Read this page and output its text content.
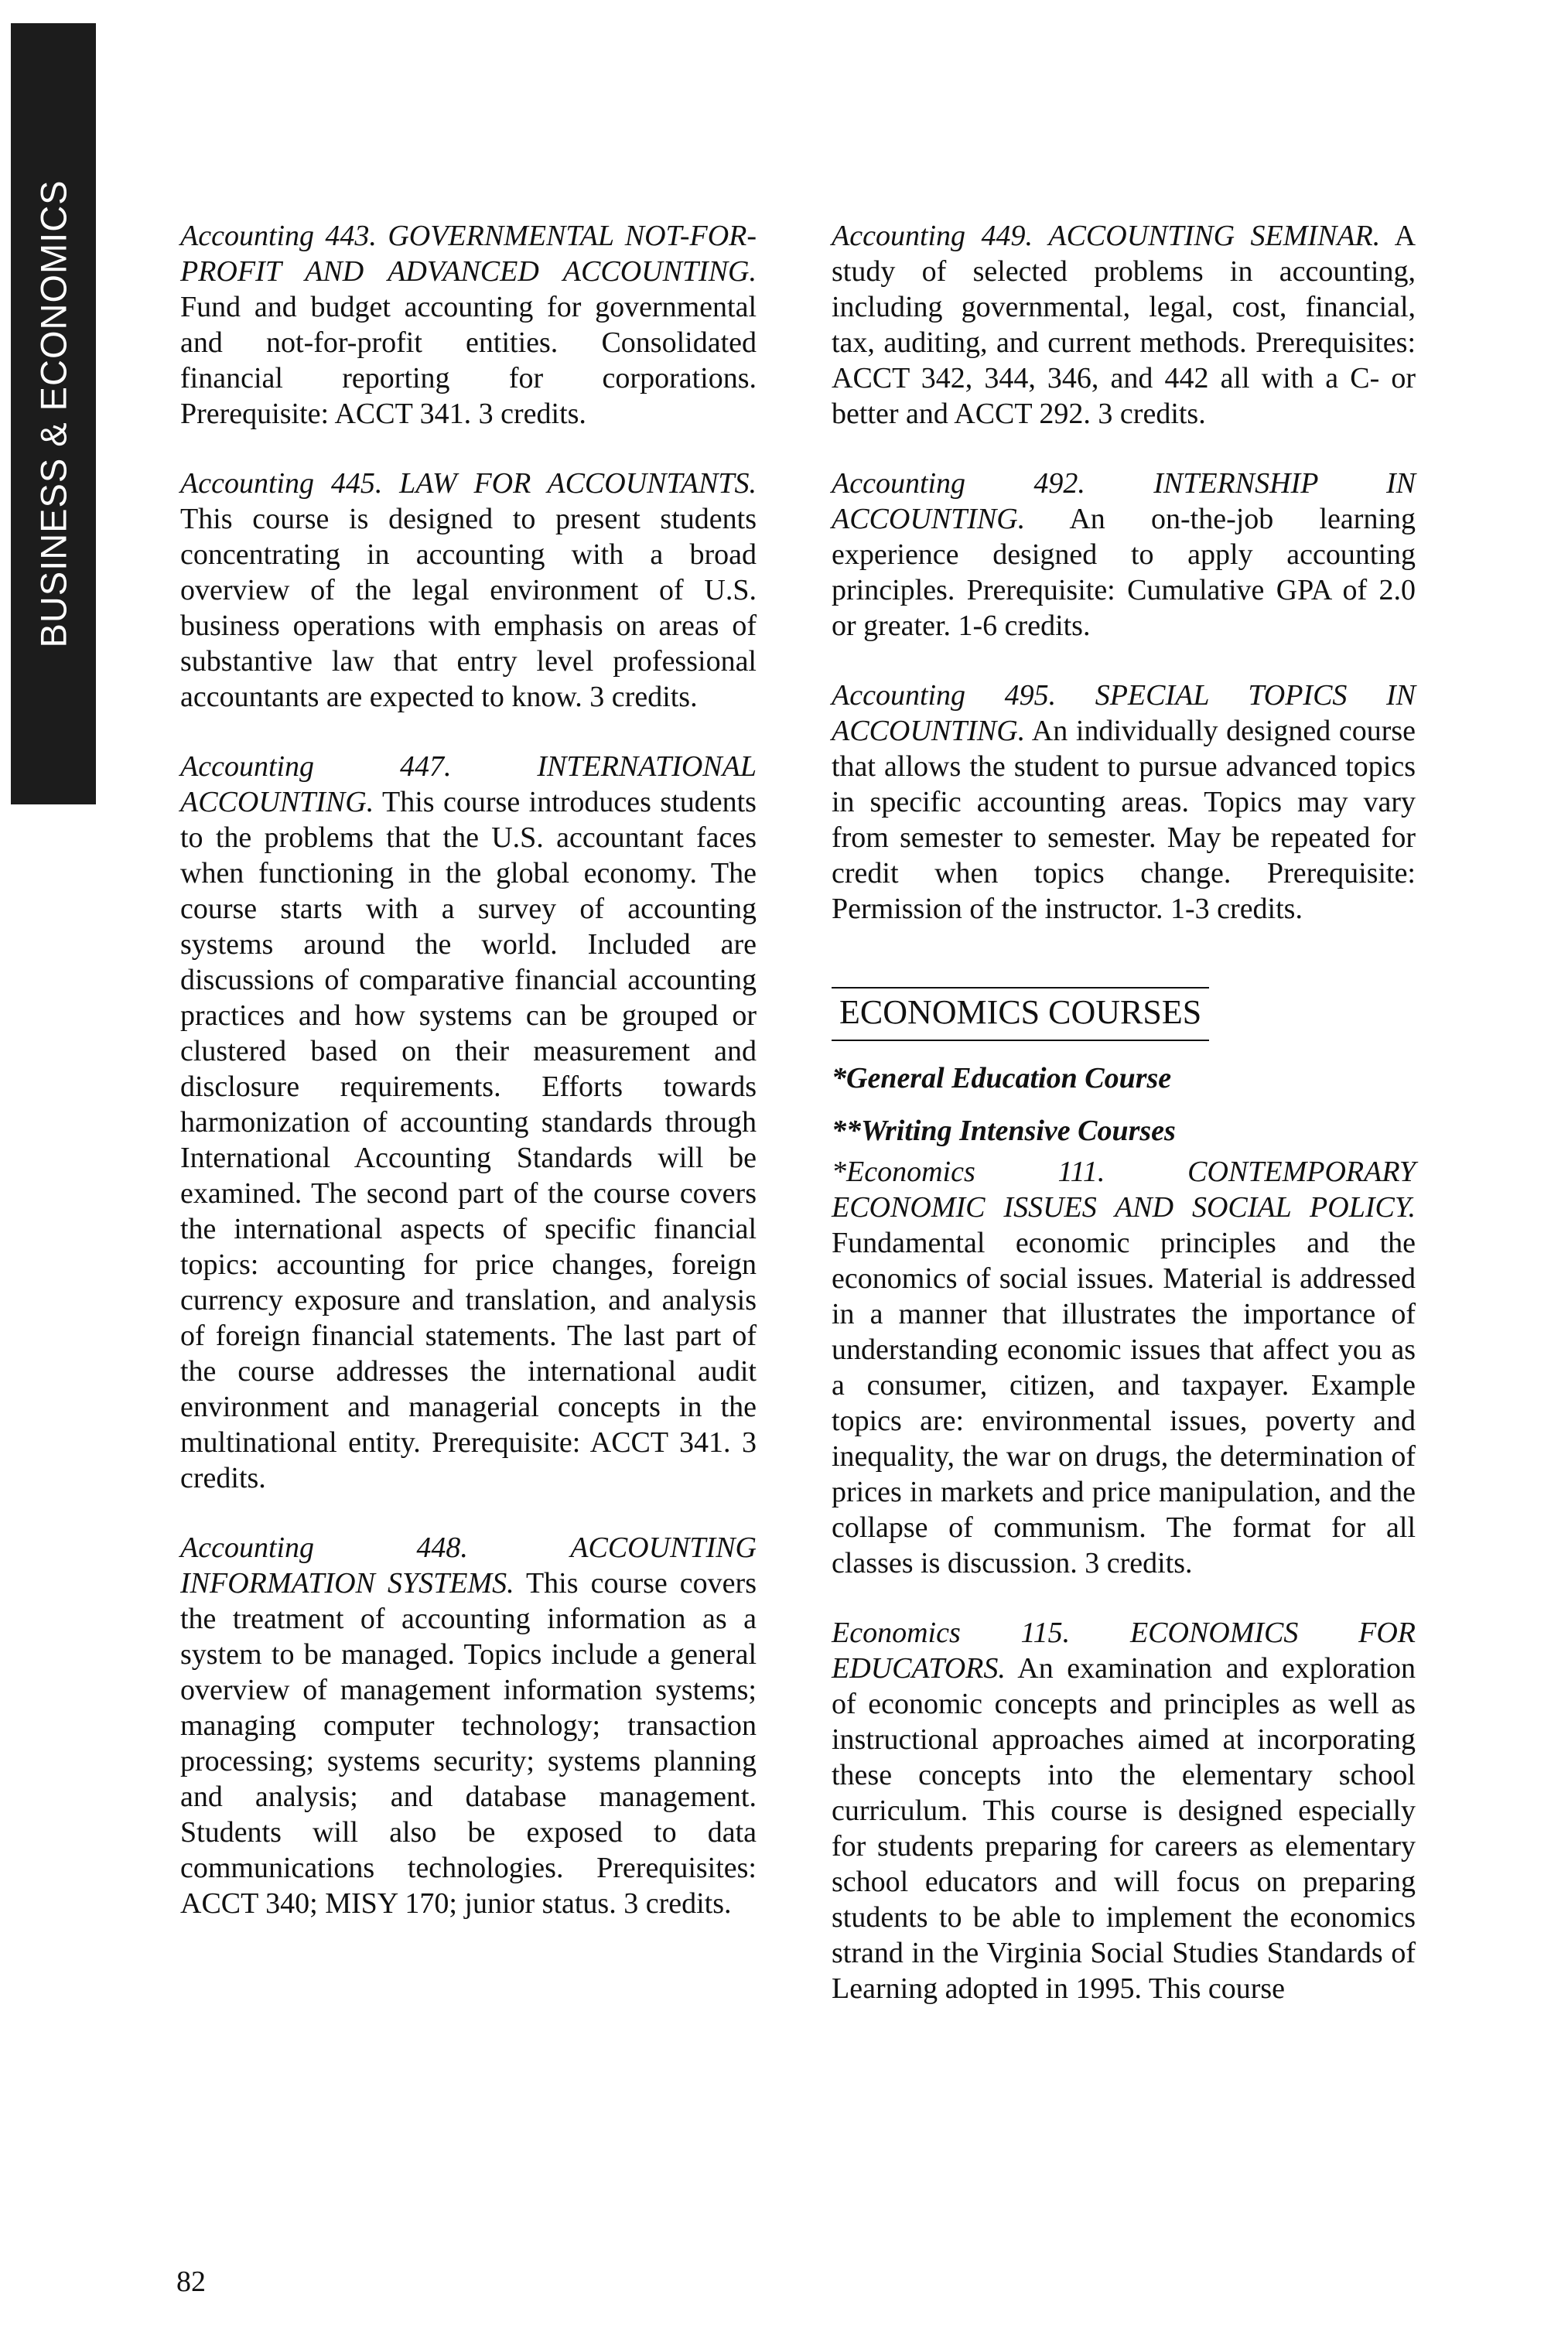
BUSINESS & ECONOMICS	Accounting 443. GOVERNMENTAL NOT-FOR-PROFIT AND ADVANCED ACCOUNTING. Fund and budget accounting for governmental and not-for-profit entities. Consolidated financial reporting for corporations. Prerequisite: ACCT 341. 3 credits.

Accounting 445. LAW FOR ACCOUNTANTS. This course is designed to present students concentrating in accounting with a broad overview of the legal environment of U.S. business operations with emphasis on areas of substantive law that entry level professional accountants are expected to know. 3 credits.

Accounting 447.	INTERNATIONAL ACCOUNTING. This course introduces students to the problems that the U.S. accountant faces when functioning in the global economy. The course starts with a survey of accounting systems around the world. Included are discussions of comparative financial accounting practices and how systems can be grouped or clustered based on their measurement and disclosure requirements. Efforts towards harmonization of accounting standards through International Accounting Standards will be examined. The second part of the course covers the international aspects of specific financial topics: accounting for price changes, foreign currency exposure and translation, and analysis of foreign financial statements. The last part of the course addresses the international audit environment and managerial concepts in the multinational entity. Prerequisite: ACCT 341. 3 credits.

Accounting 448.	ACCOUNTING INFORMATION SYSTEMS. This course covers the treatment of accounting information as a system to be managed. Topics include a general overview of management information systems; managing computer technology; transaction processing; systems security; systems planning and analysis; and database management. Students will also be exposed to data communications technologies. Prerequisites: ACCT 340; MISY 170; junior status. 3 credits.

Accounting 449. ACCOUNTING SEMINAR. A study of selected problems in accounting, including governmental, legal, cost, financial, tax, auditing, and current methods. Prerequisites: ACCT 342, 344, 346, and 442 all with a C- or better and ACCT 292. 3 credits.

Accounting 492. INTERNSHIP IN ACCOUNTING. An on-the-job learning experience designed to apply accounting principles. Prerequisite: Cumulative GPA of 2.0 or greater. 1-6 credits.

Accounting 495. SPECIAL TOPICS IN ACCOUNTING. An individually designed course that allows the student to pursue advanced topics in specific accounting areas. Topics may vary from semester to semester. May be repeated for credit when topics change. Prerequisite: Permission of the instructor. 1-3 credits.

ECONOMICS COURSES

*General Education Course

**Writing Intensive Courses

*Economics 111.	CONTEMPORARY ECONOMIC ISSUES AND SOCIAL POLICY. Fundamental economic principles and the economics of social issues. Material is addressed in a manner that illustrates the importance of understanding economic issues that affect you as a consumer, citizen, and taxpayer. Example topics are: environmental issues, poverty and inequality, the war on drugs, the determination of prices in markets and price manipulation, and the collapse of communism. The format for all classes is discussion. 3 credits.

Economics 115. ECONOMICS FOR EDUCATORS. An examination and exploration of economic concepts and principles as well as instructional approaches aimed at incorporating these concepts into the elementary school curriculum. This course is designed especially for students preparing for careers as elementary school educators and will focus on preparing students to be able to implement the economics strand in the Virginia Social Studies Standards of Learning adopted in 1995. This course

82
